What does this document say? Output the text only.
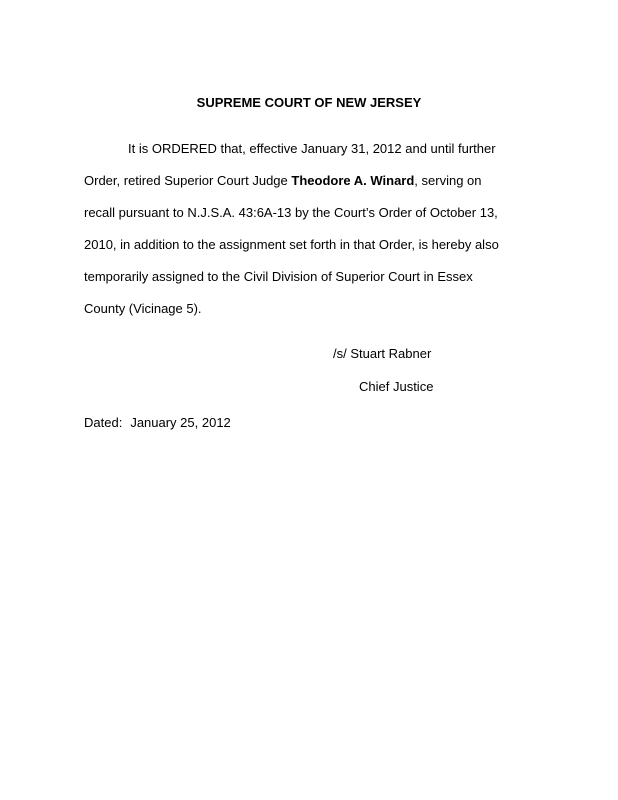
SUPREME COURT OF NEW JERSEY
It is ORDERED that, effective January 31, 2012 and until further
Order, retired Superior Court Judge Theodore A. Winard, serving on
recall pursuant to N.J.S.A. 43:6A-13 by the Court’s Order of October 13,
2010, in addition to the assignment set forth in that Order, is hereby also
temporarily assigned to the Civil Division of Superior Court in Essex
County (Vicinage 5).
/s/ Stuart Rabner
Chief Justice
Dated: January 25, 2012
